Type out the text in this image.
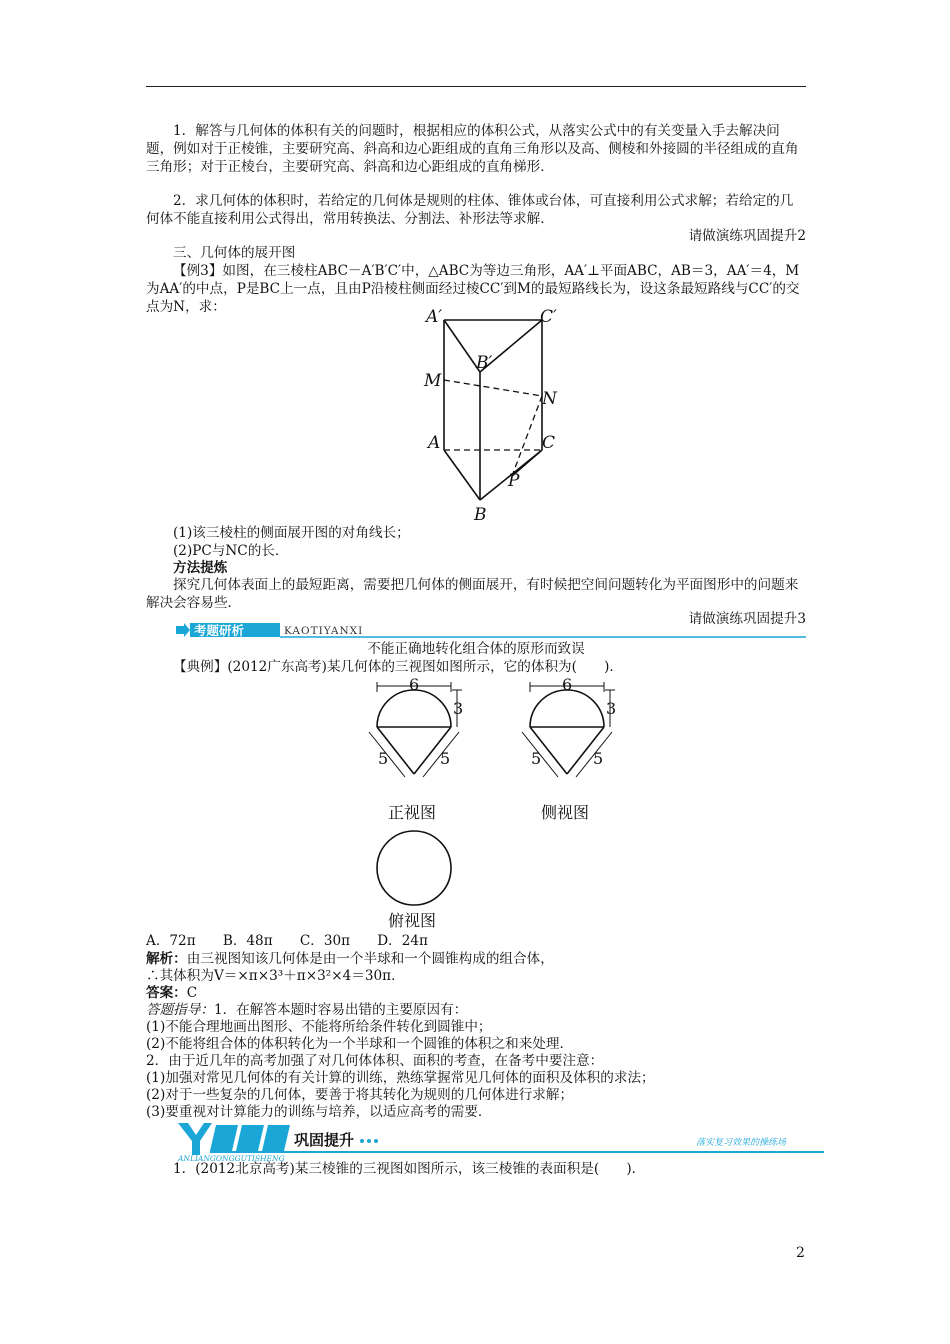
1．解答与几何体的体积有关的问题时，根据相应的体积公式，从落实公式中的有关变量入手去解决问题，例如对于正棱锥，主要研究高、斜高和边心距组成的直角三角形以及高、侧棱和外接圆的半径组成的直角三角形；对于正棱台，主要研究高、斜高和边心距组成的直角梯形．

2．求几何体的体积时，若给定的几何体是规则的柱体、锥体或台体，可直接利用公式求解；若给定的几何体不能直接利用公式得出，常用转换法、分割法、补形法等求解．

请做演练巩固提升2

三、几何体的展开图

【例3】如图，在三棱柱ABC－A′B′C′中，△ABC为等边三角形，AA′⊥平面ABC，AB＝3，AA′＝4，M为AA′的中点，P是BC上一点，且由P沿棱柱侧面经过棱CC′到M的最短路线长为，设这条最短路线与CC′的交点为N，求：	A′	C′
B′
M
N
A	C
P
B

(1)该三棱柱的侧面展开图的对角线长；

(2)PC与NC的长．

方法提炼

探究几何体表面上的最短距离，需要把几何体的侧面展开，有时候把空间问题转化为平面图形中的问题来解决会容易些．

请做演练巩固提升3

考题研析	KAOTIYANXI

不能正确地转化组合体的原形而致误

【典例】(2012广东高考)某几何体的三视图如图所示，它的体积为(　　)．

6
3
5	5
正视图
6
3
5	5
侧视图
俯视图

A．72π　　B．48π　　C．30π　　D．24π

解析：由三视图知该几何体是由一个半球和一个圆锥构成的组合体，

∴其体积为V＝×π×3³＋π×3²×4＝30π．

答案：C

答题指导：1．在解答本题时容易出错的主要原因有：

(1)不能合理地画出图形、不能将所给条件转化到圆锥中；

(2)不能将组合体的体积转化为一个半球和一个圆锥的体积之和来处理．

2．由于近几年的高考加强了对几何体体积、面积的考查，在备考中要注意：

(1)加强对常见几何体的有关计算的训练，熟练掌握常见几何体的面积及体积的求法；

(2)对于一些复杂的几何体，要善于将其转化为规则的几何体进行求解；

(3)要重视对计算能力的训练与培养，以适应高考的需要．

巩固提升
ANLIANGONGGUTISHENG
落实复习效果的操练场

1．(2012北京高考)某三棱锥的三视图如图所示，该三棱锥的表面积是(　　)．

2
